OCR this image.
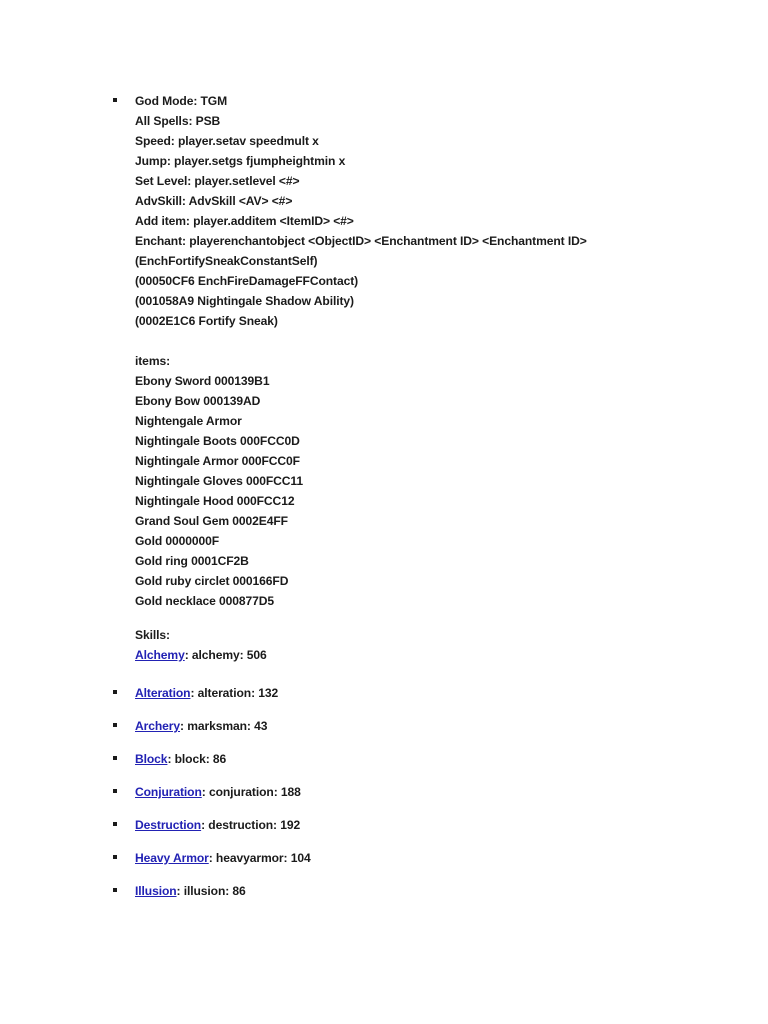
God Mode: TGM
All Spells: PSB
Speed: player.setav speedmult x
Jump: player.setgs fjumpheightmin x
Set Level: player.setlevel <#>
AdvSkill: AdvSkill <AV> <#>
Add item: player.additem <ItemID> <#>
Enchant: playerenchantobject <ObjectID> <Enchantment ID> <Enchantment ID>
(EnchFortifySneakConstantSelf)
(00050CF6 EnchFireDamageFFContact)
(001058A9 Nightingale Shadow Ability)
(0002E1C6 Fortify Sneak)
items:
Ebony Sword 000139B1
Ebony Bow 000139AD
Nightengale Armor
Nightingale Boots 000FCC0D
Nightingale Armor 000FCC0F
Nightingale Gloves 000FCC11
Nightingale Hood 000FCC12
Grand Soul Gem 0002E4FF
Gold 0000000F
Gold ring 0001CF2B
Gold ruby circlet 000166FD
Gold necklace 000877D5
Skills:
Alchemy: alchemy: 506
Alteration: alteration: 132
Archery: marksman: 43
Block: block: 86
Conjuration: conjuration: 188
Destruction: destruction: 192
Heavy Armor: heavyarmor: 104
Illusion: illusion: 86
